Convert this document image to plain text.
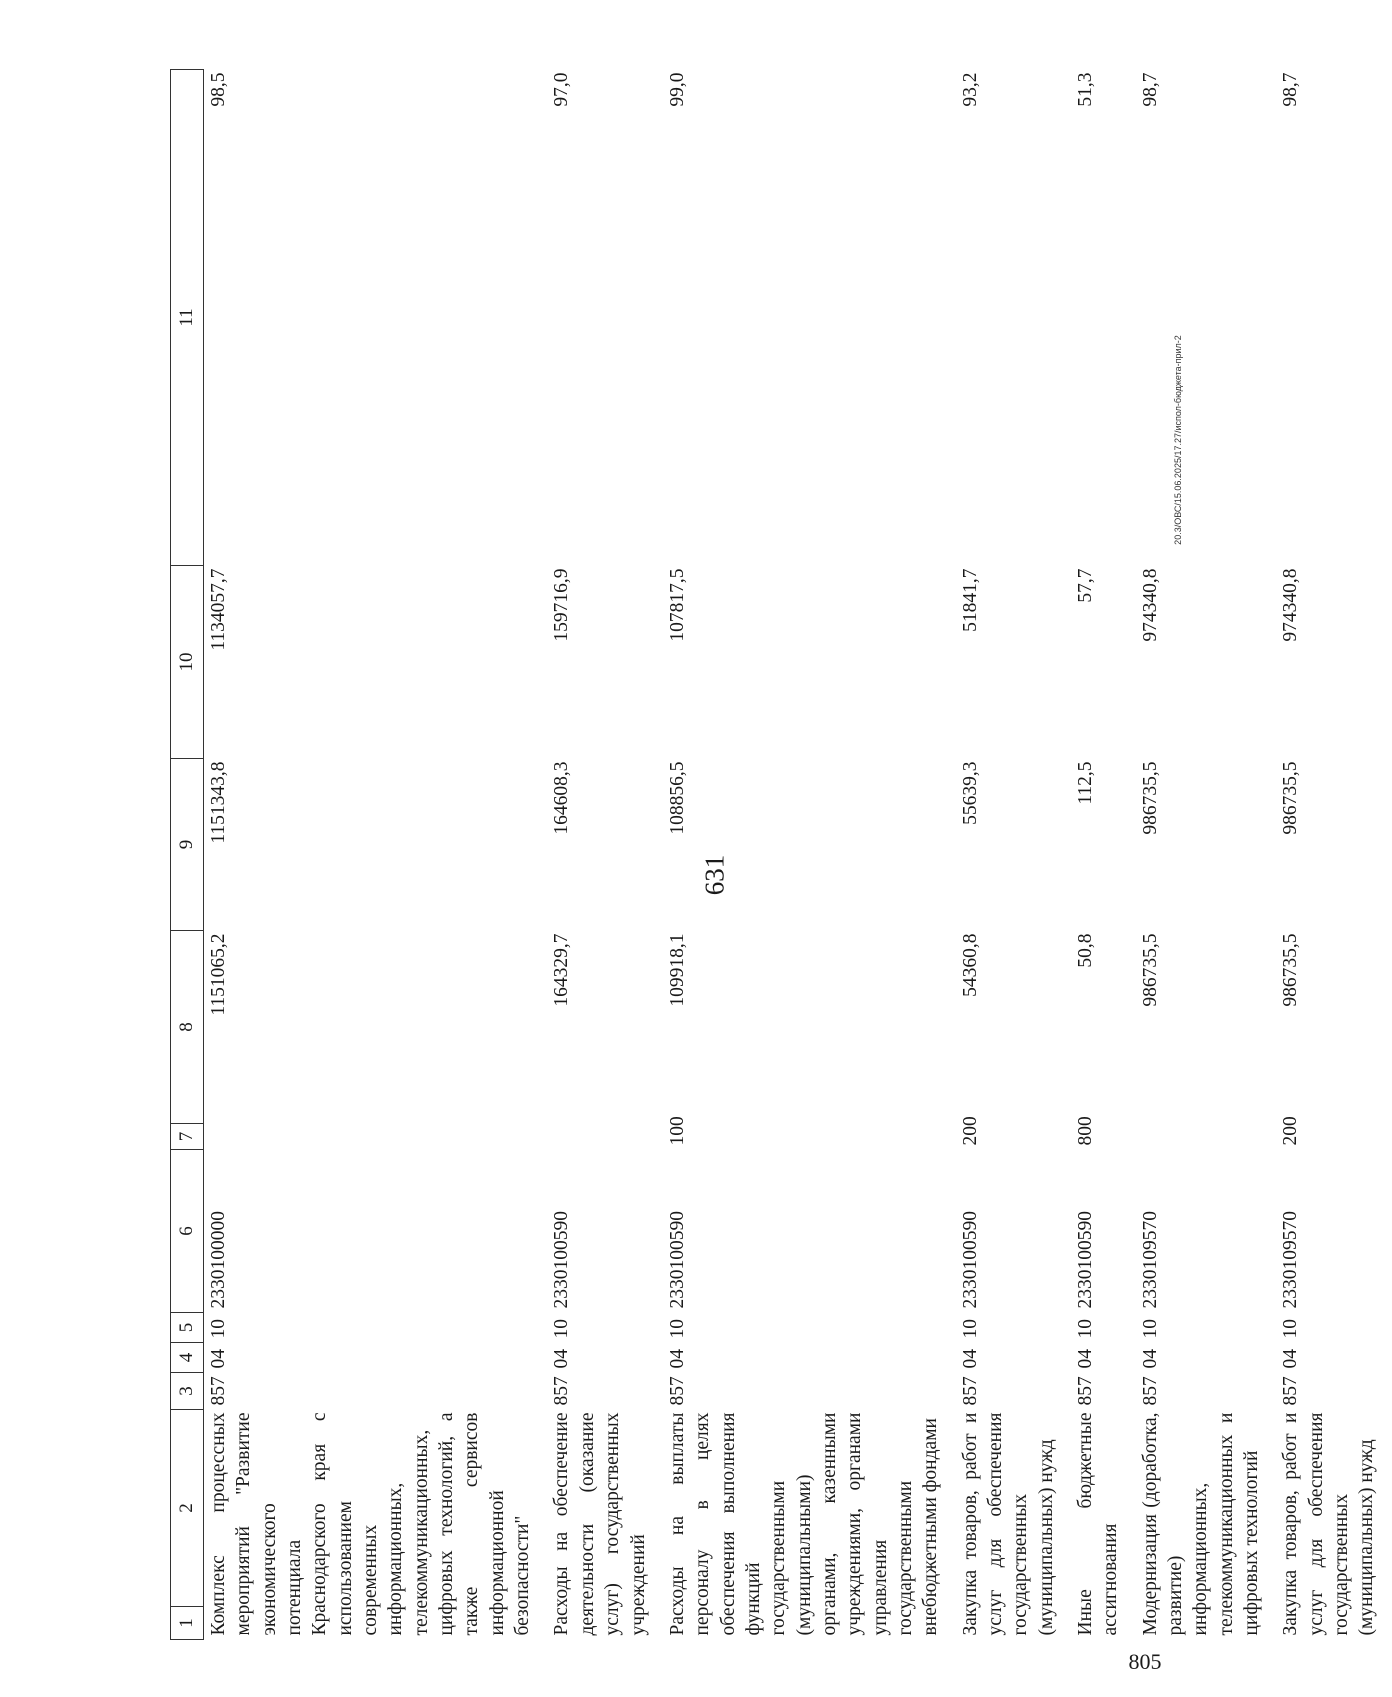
631
805
20.3/ОВС/15.06.2025/17.27/испол-бюджета-прил-2
1	2	3	4	5	6	7	8	9	10	11
Комплекс процессных мероприятий "Развитие экономического потенциала Краснодарского края с использованием современных информационных, телекоммуникационных, цифровых технологий, а также сервисов информационной безопасности"		857	04	10	2330100000		1151065,2	1151343,8	1134057,7	98,5

Расходы на обеспечение деятельности (оказание услуг) государственных учреждений		857	04	10	2330100590		164329,7	164608,3	159716,9	97,0

Расходы на выплаты персоналу в целях обеспечения выполнения функций государственными (муниципальными) органами, казенными учреждениями, органами управления государственными внебюджетными фондами		857	04	10	2330100590	100	109918,1	108856,5	107817,5	99,0

Закупка товаров, работ и услуг для обеспечения государственных (муниципальных) нужд		857	04	10	2330100590	200	54360,8	55639,3	51841,7	93,2

Иные бюджетные ассигнования		857	04	10	2330100590	800	50,8	112,5	57,7	51,3

Модернизация (доработка, развитие) информационных, телекоммуникационных и цифровых технологий		857	04	10	2330109570		986735,5	986735,5	974340,8	98,7

Закупка товаров, работ и услуг для обеспечения государственных (муниципальных) нужд		857	04	10	2330109570	200	986735,5	986735,5	974340,8	98,7
